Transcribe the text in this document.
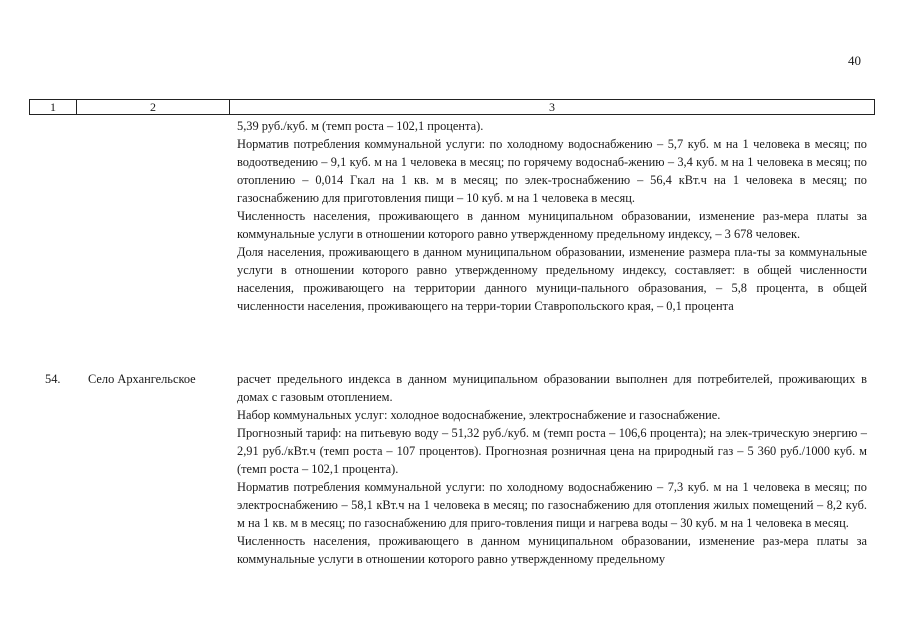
40
1	2	3

5,39 руб./куб. м (темп роста – 102,1 процента).

Норматив потребления коммунальной услуги: по холодному водоснабжению – 5,7 куб. м на 1 человека в месяц; по водоотведению – 9,1 куб. м на 1 человека в месяц; по горячему водоснаб-жению – 3,4 куб. м на 1 человека в месяц; по отоплению – 0,014 Гкал на 1 кв. м в месяц; по элек-троснабжению – 56,4 кВт.ч на 1 человека в месяц; по газоснабжению для приготовления пищи – 10 куб. м на 1 человека в месяц.

Численность населения, проживающего в данном муниципальном образовании, изменение раз-мера платы за коммунальные услуги в отношении которого равно утвержденному предельному индексу, – 3 678 человек.

Доля населения, проживающего в данном муниципальном образовании, изменение размера пла-ты за коммунальные услуги в отношении которого равно утвержденному предельному индексу, составляет: в общей численности населения, проживающего на территории данного муници-пального образования, – 5,8 процента, в общей численности населения, проживающего на терри-тории Ставропольского края, – 0,1 процента

54. Село Архангельское	расчет предельного индекса в данном муниципальном образовании выполнен для потребителей, проживающих в домах с газовым отоплением.

Набор коммунальных услуг: холодное водоснабжение, электроснабжение и газоснабжение.

Прогнозный тариф: на питьевую воду – 51,32 руб./куб. м (темп роста – 106,6 процента); на элек-трическую энергию – 2,91 руб./кВт.ч (темп роста – 107 процентов). Прогнозная розничная цена на природный газ – 5 360 руб./1000 куб. м (темп роста – 102,1 процента).

Норматив потребления коммунальной услуги: по холодному водоснабжению – 7,3 куб. м на 1 человека в месяц; по электроснабжению – 58,1 кВт.ч на 1 человека в месяц; по газоснабжению для отопления жилых помещений – 8,2 куб. м на 1 кв. м в месяц; по газоснабжению для приго-товления пищи и нагрева воды – 30 куб. м на 1 человека в месяц.

Численность населения, проживающего в данном муниципальном образовании, изменение раз-мера платы за коммунальные услуги в отношении которого равно утвержденному предельному
